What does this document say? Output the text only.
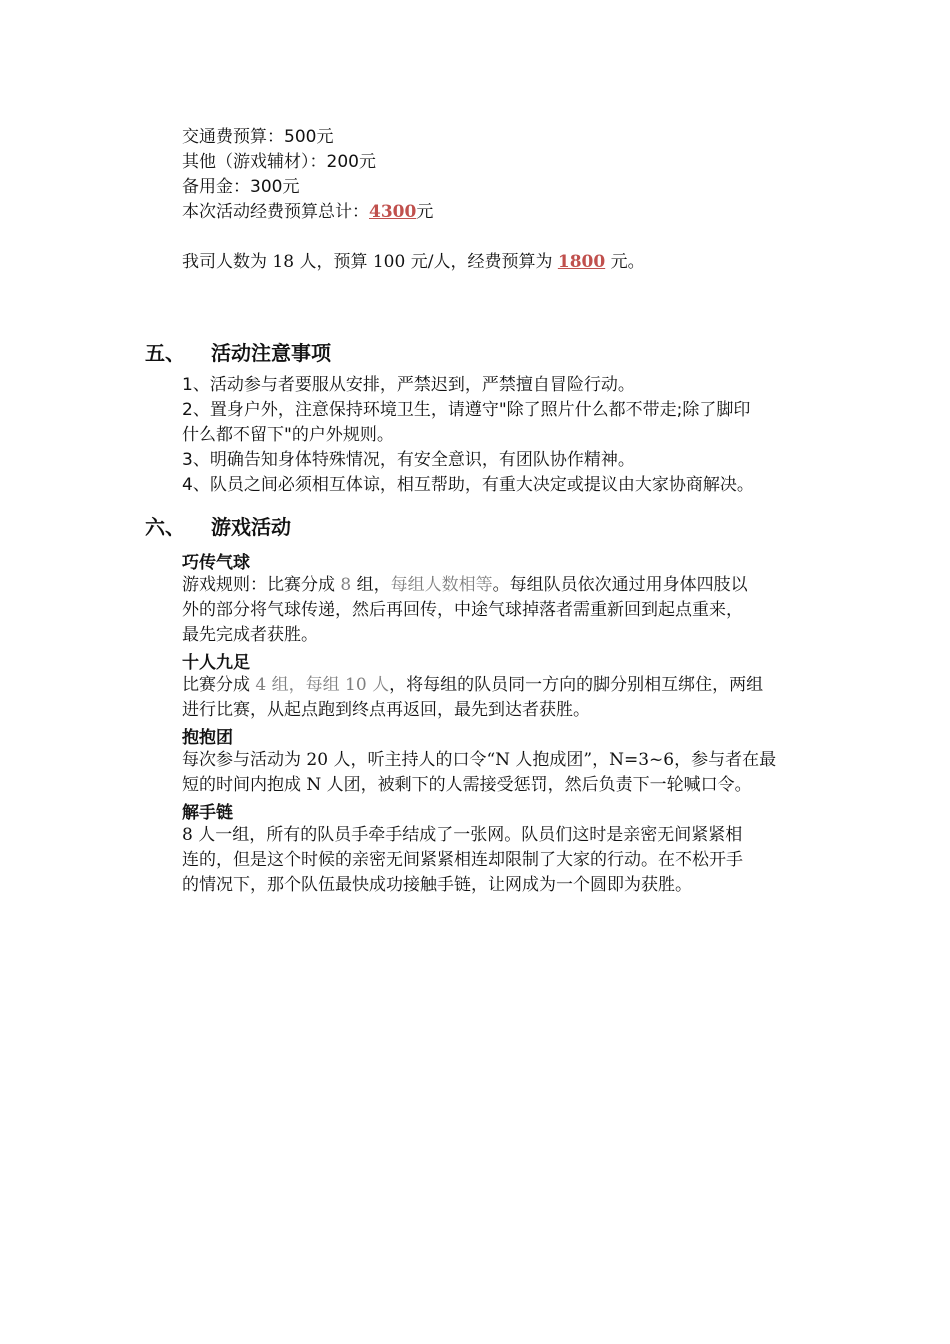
交通费预算：500元
其他（游戏辅材）：200元
备用金：300元
本次活动经费预算总计：4300元
我司人数为 18 人，预算 100 元/人，经费预算为 1800 元。
五、 活动注意事项
1、活动参与者要服从安排，严禁迟到，严禁擅自冒险行动。
2、置身户外，注意保持环境卫生，请遵守"除了照片什么都不带走;除了脚印
什么都不留下"的户外规则。
3、明确告知身体特殊情况，有安全意识，有团队协作精神。
4、队员之间必须相互体谅，相互帮助，有重大决定或提议由大家协商解决。
六、 游戏活动
巧传气球
游戏规则：比赛分成 8 组，每组人数相等。每组队员依次通过用身体四肢以
外的部分将气球传递，然后再回传，中途气球掉落者需重新回到起点重来，
最先完成者获胜。
十人九足
比赛分成 4 组，每组 10 人，将每组的队员同一方向的脚分别相互绑住，两组
进行比赛，从起点跑到终点再返回，最先到达者获胜。
抱抱团
每次参与活动为 20 人，听主持人的口令“N 人抱成团”，N=3~6，参与者在最
短的时间内抱成 N 人团，被剩下的人需接受惩罚，然后负责下一轮喊口令。
解手链
8 人一组，所有的队员手牵手结成了一张网。队员们这时是亲密无间紧紧相
连的，但是这个时候的亲密无间紧紧相连却限制了大家的行动。在不松开手
的情况下，那个队伍最快成功接触手链，让网成为一个圆即为获胜。
